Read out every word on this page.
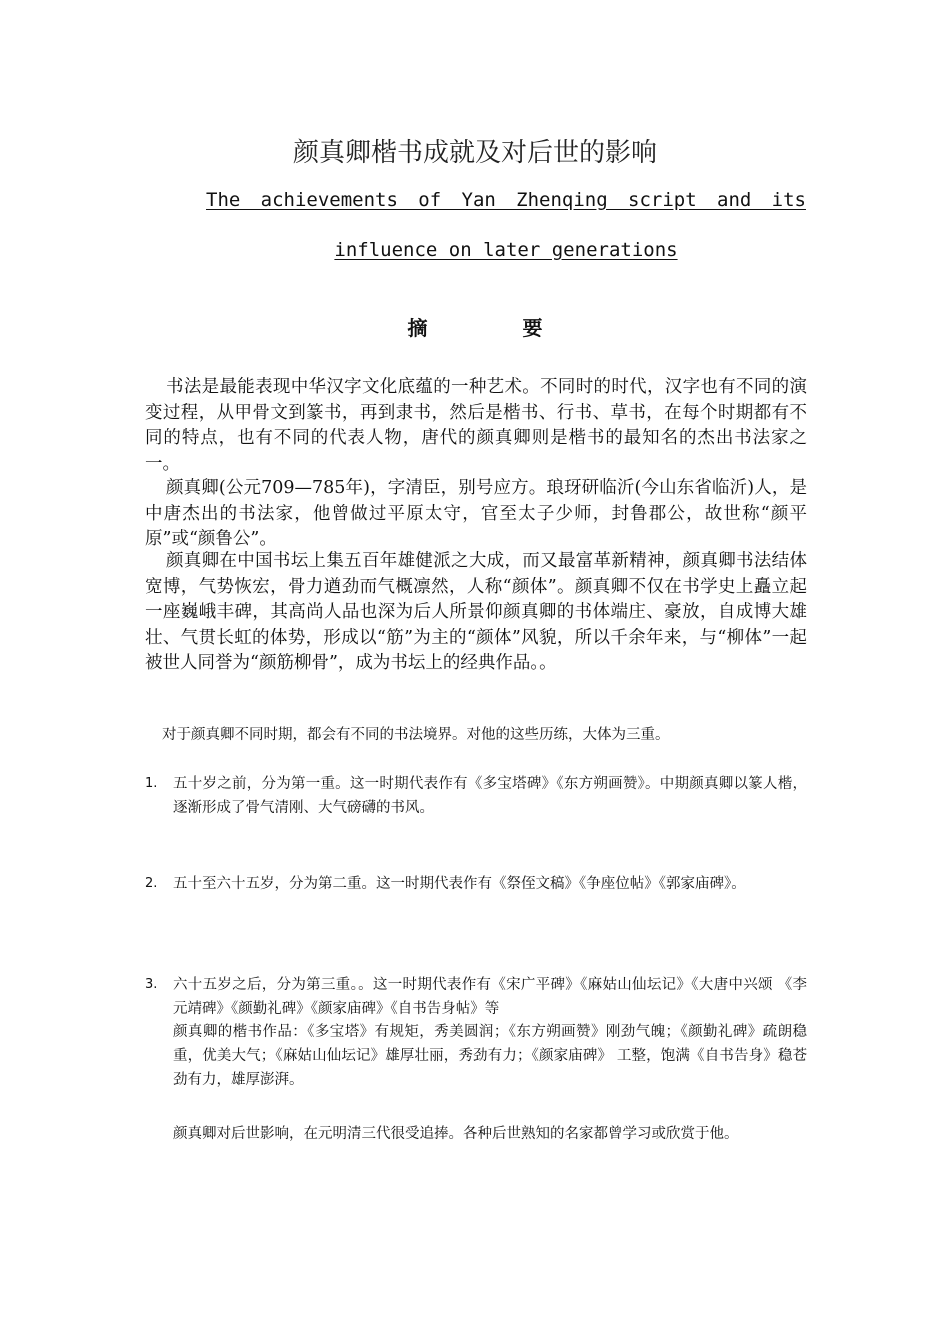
颜真卿楷书成就及对后世的影响
The achievements of Yan Zhenqing script and its
influence on later generations
摘 要

书法是最能表现中华汉字文化底蕴的一种艺术。不同时的时代，汉字也有不同的演变过程，从甲骨文到篆书，再到隶书，然后是楷书、行书、草书，在每个时期都有不同的特点，也有不同的代表人物，唐代的颜真卿则是楷书的最知名的杰出书法家之一。

颜真卿(公元709—785年)，字清臣，别号应方。琅玡研临沂(今山东省临沂)人，是中唐杰出的书法家，他曾做过平原太守，官至太子少师，封鲁郡公，故世称“颜平原”或“颜鲁公”。

颜真卿在中国书坛上集五百年雄健派之大成，而又最富革新精神，颜真卿书法结体宽博，气势恢宏，骨力遒劲而气概凛然，人称“颜体”。颜真卿不仅在书学史上矗立起一座巍峨丰碑，其高尚人品也深为后人所景仰颜真卿的书体端庄、豪放，自成博大雄壮、气贯长虹的体势，形成以“筋”为主的“颜体”风貌，所以千余年来，与“柳体”一起被世人同誉为“颜筋柳骨”，成为书坛上的经典作品。。

对于颜真卿不同时期，都会有不同的书法境界。对他的这些历练，大体为三重。

1. 五十岁之前，分为第一重。这一时期代表作有《多宝塔碑》《东方朔画赞》。中期颜真卿以篆人楷，逐渐形成了骨气清刚、大气磅礴的书风。
2. 五十至六十五岁，分为第二重。这一时期代表作有《祭侄文稿》《争座位帖》《郭家庙碑》。
3. 六十五岁之后，分为第三重。。这一时期代表作有《宋广平碑》《麻姑山仙坛记》《大唐中兴颂 《李元靖碑》《颜勤礼碑》《颜家庙碑》《自书告身帖》等

颜真卿的楷书作品：《多宝塔》有规矩，秀美圆润；《东方朔画赞》刚劲气魄；《颜勤礼碑》疏朗稳重，优美大气；《麻姑山仙坛记》雄厚壮丽，秀劲有力；《颜家庙碑》 工整，饱满《自书告身》稳苍劲有力，雄厚澎湃。

颜真卿对后世影响，在元明清三代很受追捧。各种后世熟知的名家都曾学习或欣赏于他。
